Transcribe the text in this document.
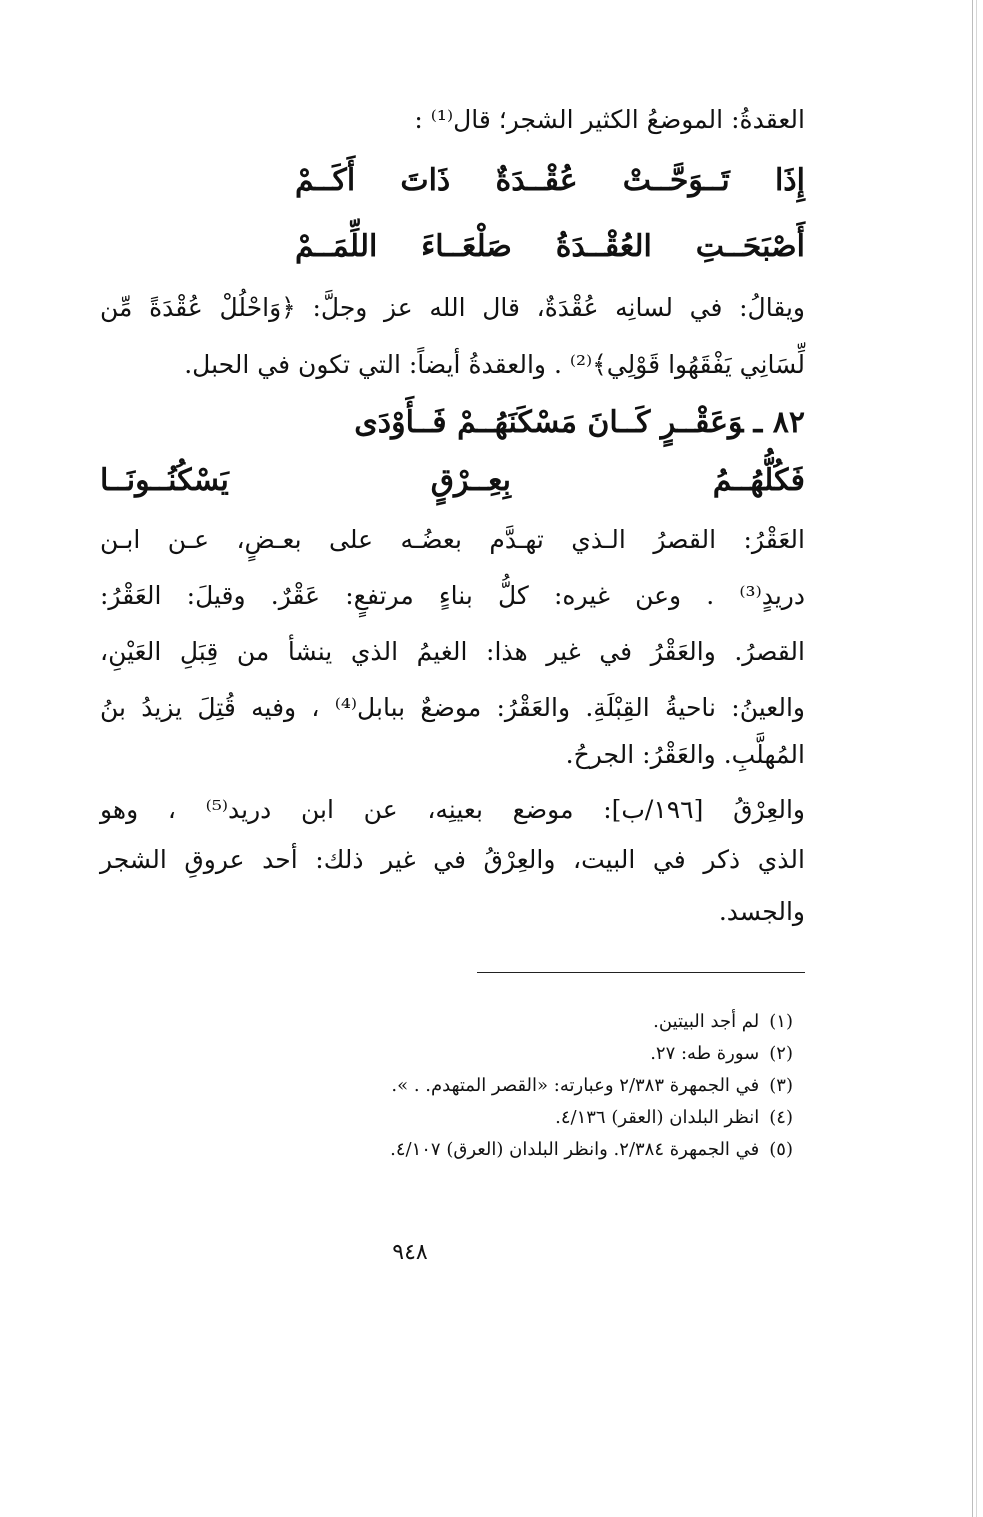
العقدةُ: الموضعُ الكثير الشجر؛ قال⁽¹⁾ :
إِذَا تَــوَحَّــتْ عُقْــدَةٌ ذَاتَ أَكَــمْ
أَصْبَحَــتِ العُقْــدَةُ صَلْعَــاءَ اللِّمَــمْ
ويقالُ: في لسانِه عُقْدَةٌ، قال الله عز وجلَّ: ﴿وَاحْلُلْ عُقْدَةً مِّن
لِّسَانِي يَفْقَهُوا قَوْلِي﴾⁽²⁾ . والعقدةُ أيضاً: التي تكون في الحبل.
٨٢ ـوَعَقْــرٍ كَــانَ مَسْكَنَهُــمْ فَــأَوْدَى
فَكُلُّهُــمُ بِعِــرْقٍ يَسْكُنُــونَــا
العَقْرُ: القصرُ الـذي تهـدَّم بعضُـه على بعـضٍ، عـن ابـن
دريدٍ⁽³⁾ . وعن غيره: كلُّ بناءٍ مرتفعٍ: عَقْرٌ. وقيلَ: العَقْرُ:
القصرُ. والعَقْرُ في غير هذا: الغيمُ الذي ينشأ من قِبَلِ العَيْنِ،
والعينُ: ناحيةُ القِبْلَةِ. والعَقْرُ: موضعٌ ببابل⁽⁴⁾ ، وفيه قُتِلَ يزيدُ بنُ
المُهلَّبِ. والعَقْرُ: الجرحُ.
والعِرْقُ [١٩٦/ب]: موضع بعينِه، عن ابن دريد⁽⁵⁾ ، وهو
الذي ذكر في البيت، والعِرْقُ في غير ذلك: أحد عروقِ الشجر
والجسد.
(١)لم أجد البيتين.
(٢)سورة طه: ٢٧.
(٣)في الجمهرة ٢/٣٨٣ وعبارته: «القصر المتهدم. . ».
(٤)انظر البلدان (العقر) ٤/١٣٦.
(٥)في الجمهرة ٢/٣٨٤. وانظر البلدان (العرق) ٤/١٠٧.
٩٤٨
